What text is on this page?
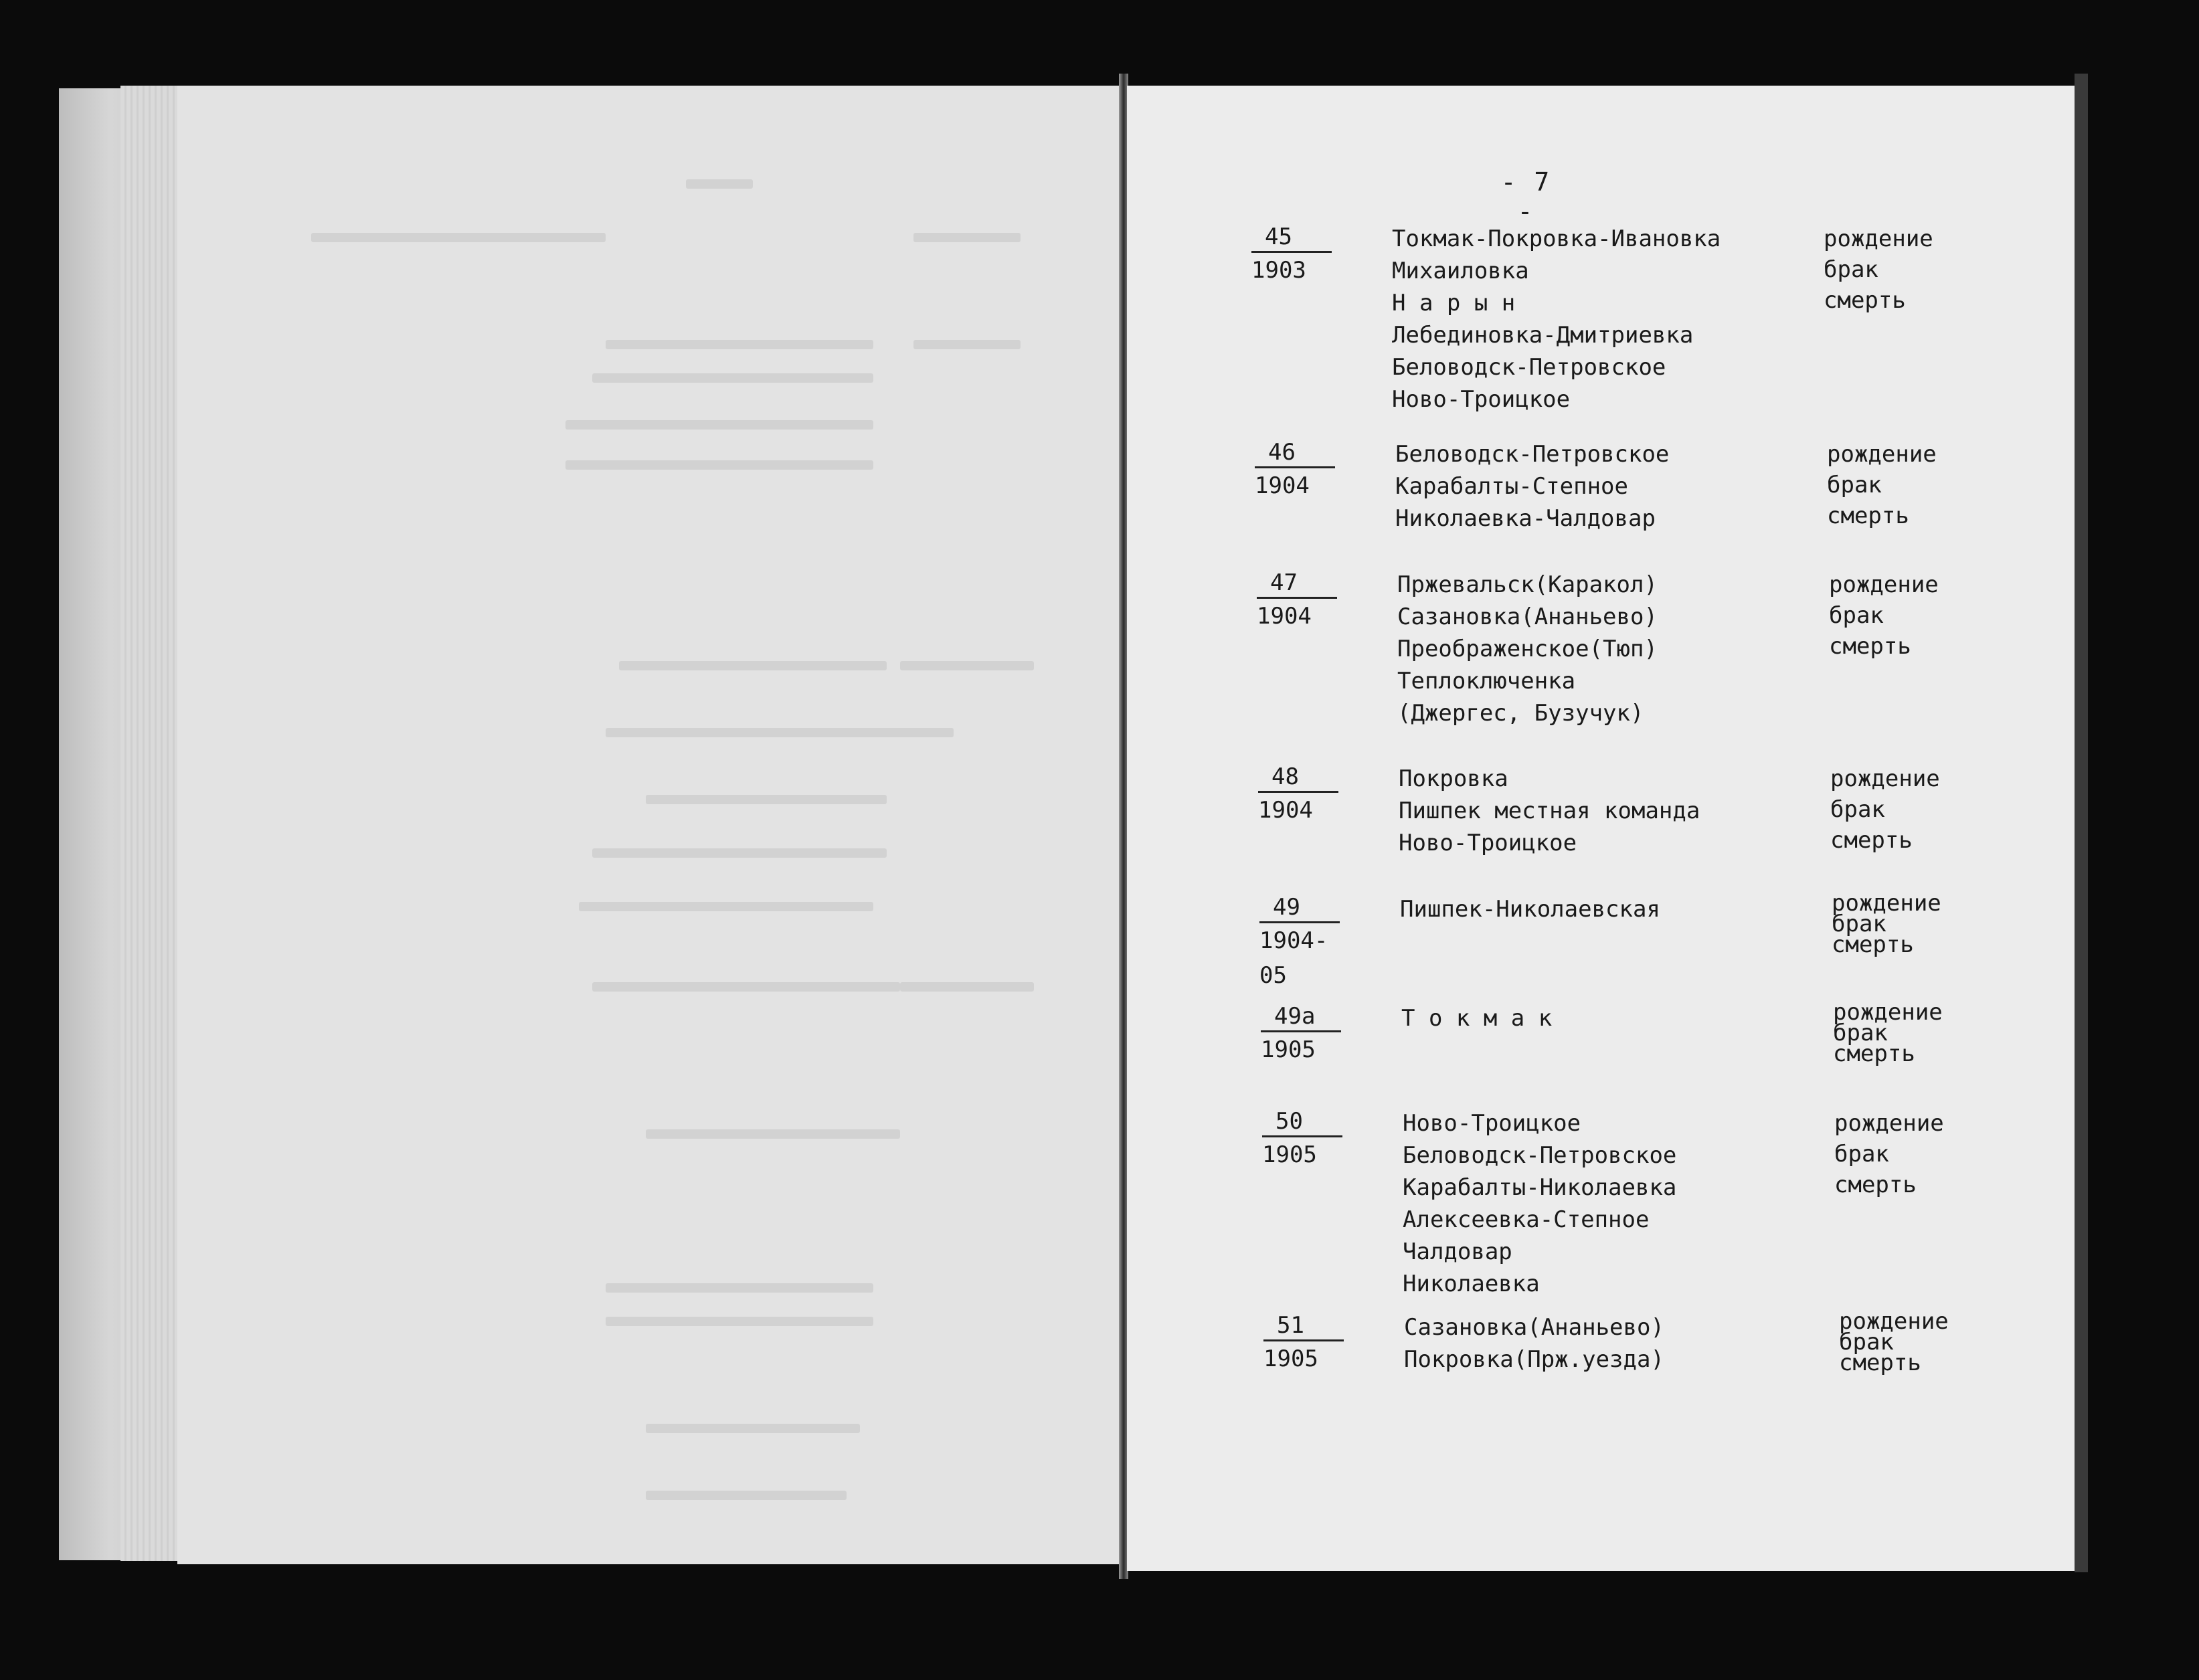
- 7 -
45
1903
Токмак-Покровка-Ивановка
Михаиловка
Н а р ы н
Лебединовка-Дмитриевка
Беловодск-Петровское
Ново-Троицкое
рождение
брак
смерть
46
1904
Беловодск-Петровское
Карабалты-Степное
Николаевка-Чалдовар
рождение
брак
смерть
47
1904
Пржевальск(Каракол)
Сазановка(Ананьево)
Преображенское(Тюп)
Теплоключенка
(Джергес, Бузучук)
рождение
брак
смерть
48
1904
Покровка
Пишпек местная команда
Ново-Троицкое
рождение
брак
смерть
49
1904-05
Пишпек-Николаевская	рождение
брак
смерть
49а
1905
Т о к м а к	рождение
брак
смерть
50
1905
Ново-Троицкое
Беловодск-Петровское
Карабалты-Николаевка
Алексеевка-Степное
Чалдовар
Николаевка
рождение
брак
смерть
51
1905
Сазановка(Ананьево)
Покровка(Прж.уезда)
рождение
брак
смерть
